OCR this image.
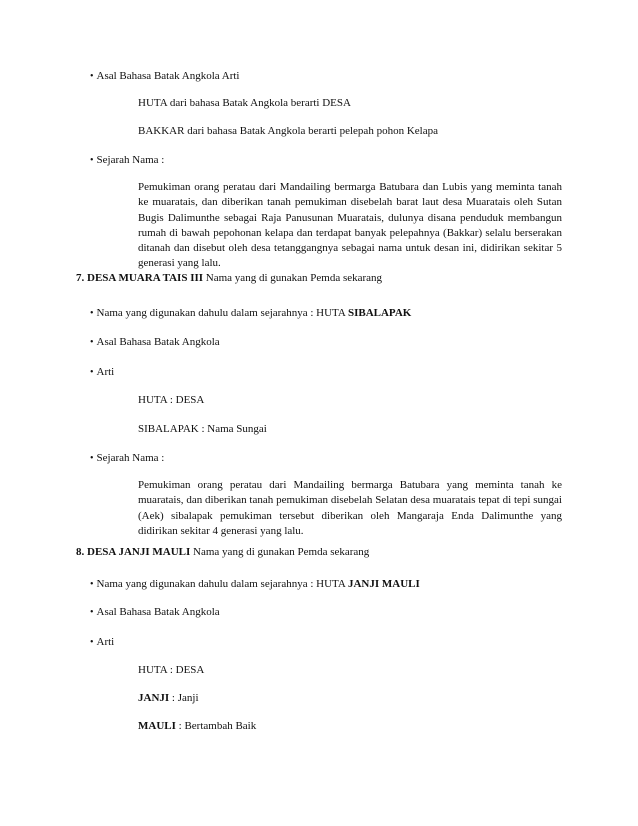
• Asal Bahasa Batak Angkola Arti
HUTA dari bahasa Batak Angkola berarti DESA
BAKKAR dari bahasa Batak Angkola berarti pelepah pohon Kelapa
• Sejarah Nama :

Pemukiman orang peratau dari Mandailing bermarga Batubara dan Lubis yang meminta tanah ke muaratais, dan diberikan tanah pemukiman disebelah barat laut desa Muaratais oleh Sutan Bugis Dalimunthe sebagai Raja Panusunan Muaratais, dulunya disana penduduk membangun rumah di bawah pepohonan kelapa dan terdapat banyak pelepahnya (Bakkar) selalu berserakan ditanah dan disebut oleh desa tetanggangnya sebagai nama untuk desan ini, didirikan sekitar 5 generasi yang lalu.

7. DESA MUARA TAIS III Nama yang di gunakan Pemda sekarang
• Nama yang digunakan dahulu dalam sejarahnya : HUTA SIBALAPAK
• Asal Bahasa Batak Angkola
• Arti
HUTA : DESA
SIBALAPAK : Nama Sungai
• Sejarah Nama :

Pemukiman orang peratau dari Mandailing bermarga Batubara yang meminta tanah ke muaratais, dan diberikan tanah pemukiman disebelah Selatan desa muaratais tepat di tepi sungai (Aek) sibalapak pemukiman tersebut diberikan oleh Mangaraja Enda Dalimunthe yang didirikan sekitar 4 generasi yang lalu.

8. DESA JANJI MAULI Nama yang di gunakan Pemda sekarang
• Nama yang digunakan dahulu dalam sejarahnya : HUTA JANJI MAULI
• Asal Bahasa Batak Angkola
• Arti
HUTA : DESA
JANJI : Janji
MAULI : Bertambah Baik
